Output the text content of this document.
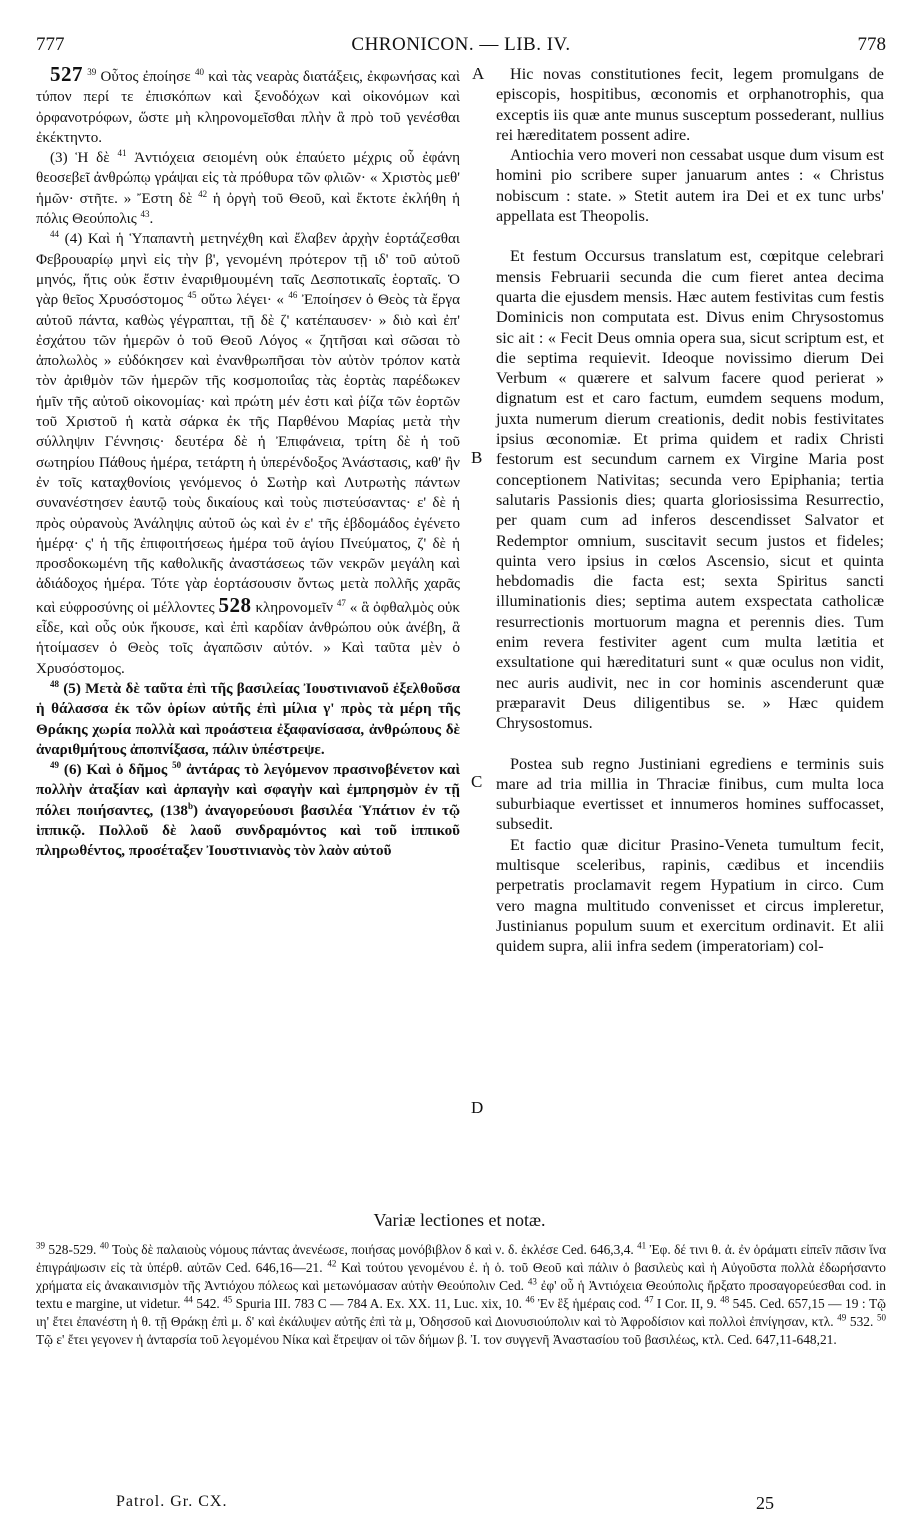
777	CHRONICON. — LIB. IV.	778

527 $^{39}$ Οὗτος ἐποίησε $^{40}$ καὶ τὰς νεαρὰς διατάξεις, ἐκφωνήσας καὶ τύπον περί τε ἐπισκόπων καὶ ξενοδόχων καὶ οἰκονόμων καὶ ὀρφανοτρόφων, ὥστε μὴ κληρονομεῖσθαι πλὴν ἃ πρὸ τοῦ γενέσθαι ἐκέκτηντο.

(3) Ἡ δὲ $^{41}$ Ἀντιόχεια σειομένη οὐκ ἐπαύετο μέχρις οὗ ἐφάνη θεοσεβεῖ ἀνθρώπῳ γράψαι εἰς τὰ πρόθυρα τῶν φλιῶν· « Χριστὸς μεθ' ἡμῶν· στῆτε. » Ἔστη δὲ $^{42}$ ἡ ὀργὴ τοῦ Θεοῦ, καὶ ἔκτοτε ἐκλήθη ἡ πόλις Θεούπολις $^{43}$.

$^{44}$ (4) Καὶ ἡ Ὑπαπαντὴ μετηνέχθη καὶ ἔλαβεν ἀρχὴν ἑορτάζεσθαι Φεβρουαρίῳ μηνὶ εἰς τὴν β', γενομένη πρότερον τῇ ιδ' τοῦ αὐτοῦ μηνός, ἥτις οὐκ ἔστιν ἐναριθμουμένη ταῖς Δεσποτικαῖς ἑορταῖς. Ὁ γὰρ θεῖος Χρυσόστομος $^{45}$ οὕτω λέγει· « $^{46}$ Ἐποίησεν ὁ Θεὸς τὰ ἔργα αὐτοῦ πάντα, καθὼς γέγραπται, τῇ δὲ ζ' κατέπαυσεν· » διὸ καὶ ἐπ' ἐσχάτου τῶν ἡμερῶν ὁ τοῦ Θεοῦ Λόγος « ζητῆσαι καὶ σῶσαι τὸ ἀπολωλὸς » εὐδόκησεν καὶ ἐνανθρωπῆσαι τὸν αὐτὸν τρόπον κατὰ τὸν ἀριθμὸν τῶν ἡμερῶν τῆς κοσμοποιΐας τὰς ἑορτὰς παρέδωκεν ἡμῖν τῆς αὐτοῦ οἰκονομίας· καὶ πρώτη μέν ἐστι καὶ ῥίζα τῶν ἑορτῶν τοῦ Χριστοῦ ἡ κατὰ σάρκα ἐκ τῆς Παρθένου Μαρίας μετὰ τὴν σύλληψιν Γέννησις· δευτέρα δὲ ἡ Ἐπιφάνεια, τρίτη δὲ ἡ τοῦ σωτηρίου Πάθους ἡμέρα, τετάρτη ἡ ὑπερένδοξος Ἀνάστασις, καθ' ἣν ἐν τοῖς καταχθονίοις γενόμενος ὁ Σωτὴρ καὶ Λυτρωτὴς πάντων συνανέστησεν ἑαυτῷ τοὺς δικαίους καὶ τοὺς πιστεύσαντας· ε' δὲ ἡ πρὸς οὐρανοὺς Ἀνάληψις αὐτοῦ ὡς καὶ ἐν ε' τῆς ἑβδομάδος ἐγένετο ἡμέρᾳ· ς' ἡ τῆς ἐπιφοιτήσεως ἡμέρα τοῦ ἁγίου Πνεύματος, ζ' δὲ ἡ προσδοκωμένη τῆς καθολικῆς ἀναστάσεως τῶν νεκρῶν μεγάλη καὶ ἀδιάδοχος ἡμέρα. Τότε γὰρ ἑορτάσουσιν ὄντως μετὰ πολλῆς χαρᾶς καὶ εὐφροσύνης οἱ μέλλοντες 528 κληρονομεῖν $^{47}$ « ἃ ὀφθαλμὸς οὐκ εἶδε, καὶ οὖς οὐκ ἤκουσε, καὶ ἐπὶ καρδίαν ἀνθρώπου οὐκ ἀνέβη, ἃ ἡτοίμασεν ὁ Θεὸς τοῖς ἀγαπῶσιν αὐτόν. » Καὶ ταῦτα μὲν ὁ Χρυσόστομος.

$^{48}$ (5) Μετὰ δὲ ταῦτα ἐπὶ τῆς βασιλείας Ἰουστινιανοῦ ἐξελθοῦσα ἡ θάλασσα ἐκ τῶν ὁρίων αὐτῆς ἐπὶ μίλια γ' πρὸς τὰ μέρη τῆς Θράκης χωρία πολλὰ καὶ προάστεια ἐξαφανίσασα, ἀνθρώπους δὲ ἀναριθμήτους ἀποπνίξασα, πάλιν ὑπέστρεψε.

$^{49}$ (6) Καὶ ὁ δῆμος $^{50}$ ἀντάρας τὸ λεγόμενον πρασινοβένετον καὶ πολλὴν ἀταξίαν καὶ ἁρπαγὴν καὶ σφαγὴν καὶ ἐμπρησμὸν ἐν τῇ πόλει ποιήσαντες, (138$^b$) ἀναγορεύουσι βασιλέα Ὑπάτιον ἐν τῷ ἱππικῷ. Πολλοῦ δὲ λαοῦ συνδραμόντος καὶ τοῦ ἱππικοῦ πληρωθέντος, προσέταξεν Ἰουστινιανὸς τὸν λαὸν αὐτοῦ

Hic novas constitutiones fecit, legem promulgans de episcopis, hospitibus, œconomis et orphanotrophis, qua exceptis iis quæ ante munus susceptum possederant, nullius rei hæreditatem possent adire.

Antiochia vero moveri non cessabat usque dum visum est homini pio scribere super januarum antes : « Christus nobiscum : state. » Stetit autem ira Dei et ex tunc urbs' appellata est Theopolis.

Et festum Occursus translatum est, cœpitque celebrari mensis Februarii secunda die cum fieret antea decima quarta die ejusdem mensis. Hæc autem festivitas cum festis Dominicis non computata est. Divus enim Chrysostomus sic ait : « Fecit Deus omnia opera sua, sicut scriptum est, et die septima requievit. Ideoque novissimo dierum Dei Verbum « quærere et salvum facere quod perierat » dignatum est et caro factum, eumdem sequens modum, juxta numerum dierum creationis, dedit nobis festivitates ipsius œconomiæ. Et prima quidem et radix Christi festorum est secundum carnem ex Virgine Maria post conceptionem Nativitas; secunda vero Epiphania; tertia salutaris Passionis dies; quarta gloriosissima Resurrectio, per quam cum ad inferos descendisset Salvator et Redemptor omnium, suscitavit secum justos et fideles; quinta vero ipsius in cœlos Ascensio, sicut et quinta hebdomadis die facta est; sexta Spiritus sancti illuminationis dies; septima autem exspectata catholicæ resurrectionis mortuorum magna et perennis dies. Tum enim revera festiviter agent cum multa lætitia et exsultatione qui hæreditaturi sunt « quæ oculus non vidit, nec auris audivit, nec in cor hominis ascenderunt quæ præparavit Deus diligentibus se. » Hæc quidem Chrysostomus.

Postea sub regno Justiniani egrediens e terminis suis mare ad tria millia in Thraciæ finibus, cum multa loca suburbiaque evertisset et innumeros homines suffocasset, subsedit.

Et factio quæ dicitur Prasino-Veneta tumultum fecit, multisque sceleribus, rapinis, cædibus et incendiis perpetratis proclamavit regem Hypatium in circo. Cum vero magna multitudo convenisset et circus impleretur, Justinianus populum suum et exercitum ordinavit. Et alii quidem supra, alii infra sedem (imperatoriam) col-

A
B
C
D
Variæ lectiones et notæ.

$^{39}$ 528-529. $^{40}$ Τοὺς δὲ παλαιοὺς νόμους πάντας ἀνενέωσε, ποιήσας μονόβιβλον δ καὶ ν. δ. ἐκλέσε Ced. 646,3,4. $^{41}$ Ἐφ. δέ τινι θ. ἀ. ἐν ὁράματι εἰπεῖν πᾶσιν ἵνα ἐπιγράψωσιν εἰς τὰ ὑπέρθ. αὐτῶν Ced. 646,16—21. $^{42}$ Καὶ τούτου γενομένου ἐ. ἡ ὁ. τοῦ Θεοῦ καὶ πάλιν ὁ βασιλεὺς καὶ ἡ Αὐγοῦστα πολλὰ ἐδωρήσαντο χρήματα εἰς ἀνακαινισμὸν τῆς Ἀντιόχου πόλεως καὶ μετωνόμασαν αὐτὴν Θεούπολιν Ced. $^{43}$ ἐφ' οὗ ἡ Ἀντιόχεια Θεούπολις ἤρξατο προσαγορεύεσθαι cod. in textu e margine, ut videtur. $^{44}$ 542. $^{45}$ Spuria III. 783 C — 784 A. Ex. XX. 11, Luc. xix, 10. $^{46}$ Ἐν ἓξ ἡμέραις cod. $^{47}$ I Cor. II, 9. $^{48}$ 545. Ced. 657,15 — 19 : Τῷ ιη' ἔτει ἐπανέστη ἡ θ. τῇ Θράκῃ ἐπὶ μ. δ' καὶ ἐκάλυψεν αὐτῆς ἐπὶ τὰ μ, Ὀδησσοῦ καὶ Διονυσιούπολιν καὶ τὸ Ἀφροδίσιον καὶ πολλοὶ ἐπνίγησαν, κτλ. $^{49}$ 532. $^{50}$ Τῷ ε' ἔτει γεγονεν ἡ ἀνταρσία τοῦ λεγομένου Νίκα καὶ ἔτρεψαν οἱ τῶν δήμων β. Ἰ. τον συγγενῆ Ἀναστασίου τοῦ βασιλέως, κτλ. Ced. 647,11-648,21.

Patrol. Gr. CX.	25
